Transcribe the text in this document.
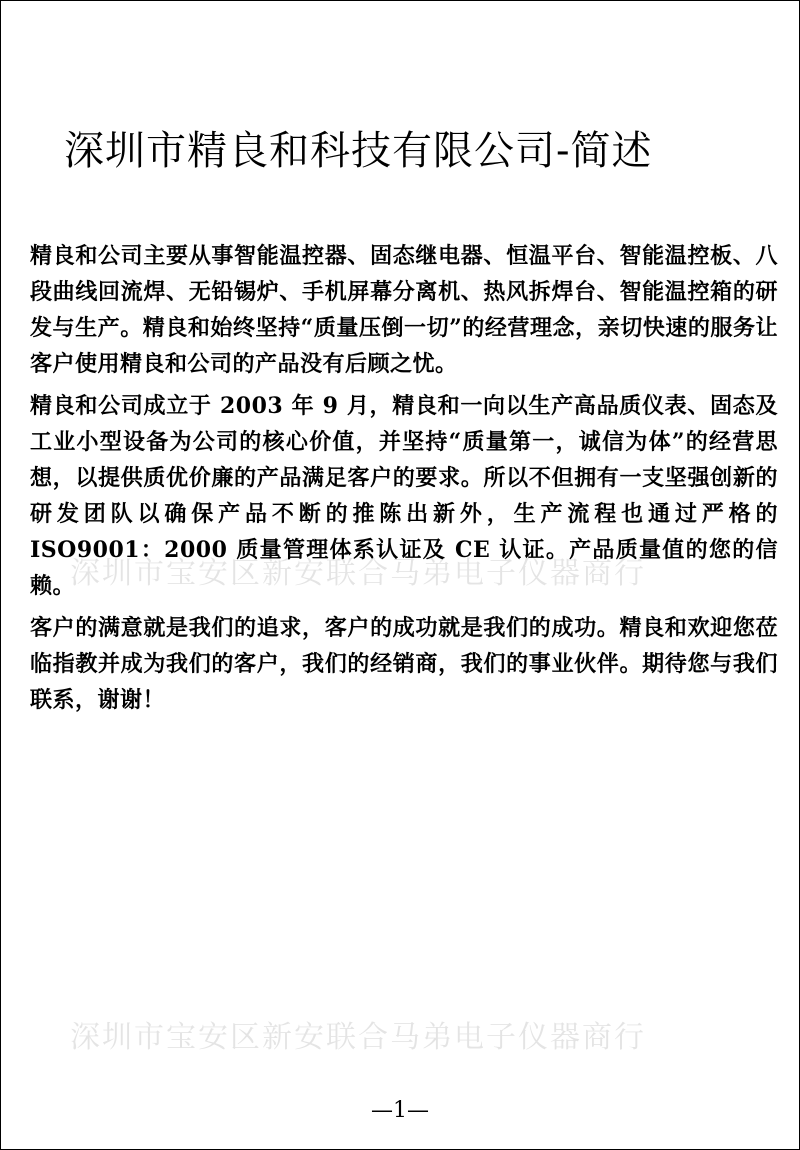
深圳市精良和科技有限公司-简述

精良和公司主要从事智能温控器、固态继电器、恒温平台、智能温控板、八段曲线回流焊、无铅锡炉、手机屏幕分离机、热风拆焊台、智能温控箱的研发与生产。精良和始终坚持“质量压倒一切”的经营理念，亲切快速的服务让客户使用精良和公司的产品没有后顾之忧。

精良和公司成立于 2003 年 9 月，精良和一向以生产高品质仪表、固态及工业小型设备为公司的核心价值，并坚持“质量第一，诚信为体”的经营思想，以提供质优价廉的产品满足客户的要求。所以不但拥有一支坚强创新的研发团队以确保产品不断的推陈出新外，生产流程也通过严格的 ISO9001：2000 质量管理体系认证及 CE 认证。产品质量值的您的信赖。

客户的满意就是我们的追求，客户的成功就是我们的成功。精良和欢迎您莅临指教并成为我们的客户，我们的经销商，我们的事业伙伴。期待您与我们联系，谢谢！

深圳市宝安区新安联合马弟电子仪器商行
深圳市宝安区新安联合马弟电子仪器商行
—1—
